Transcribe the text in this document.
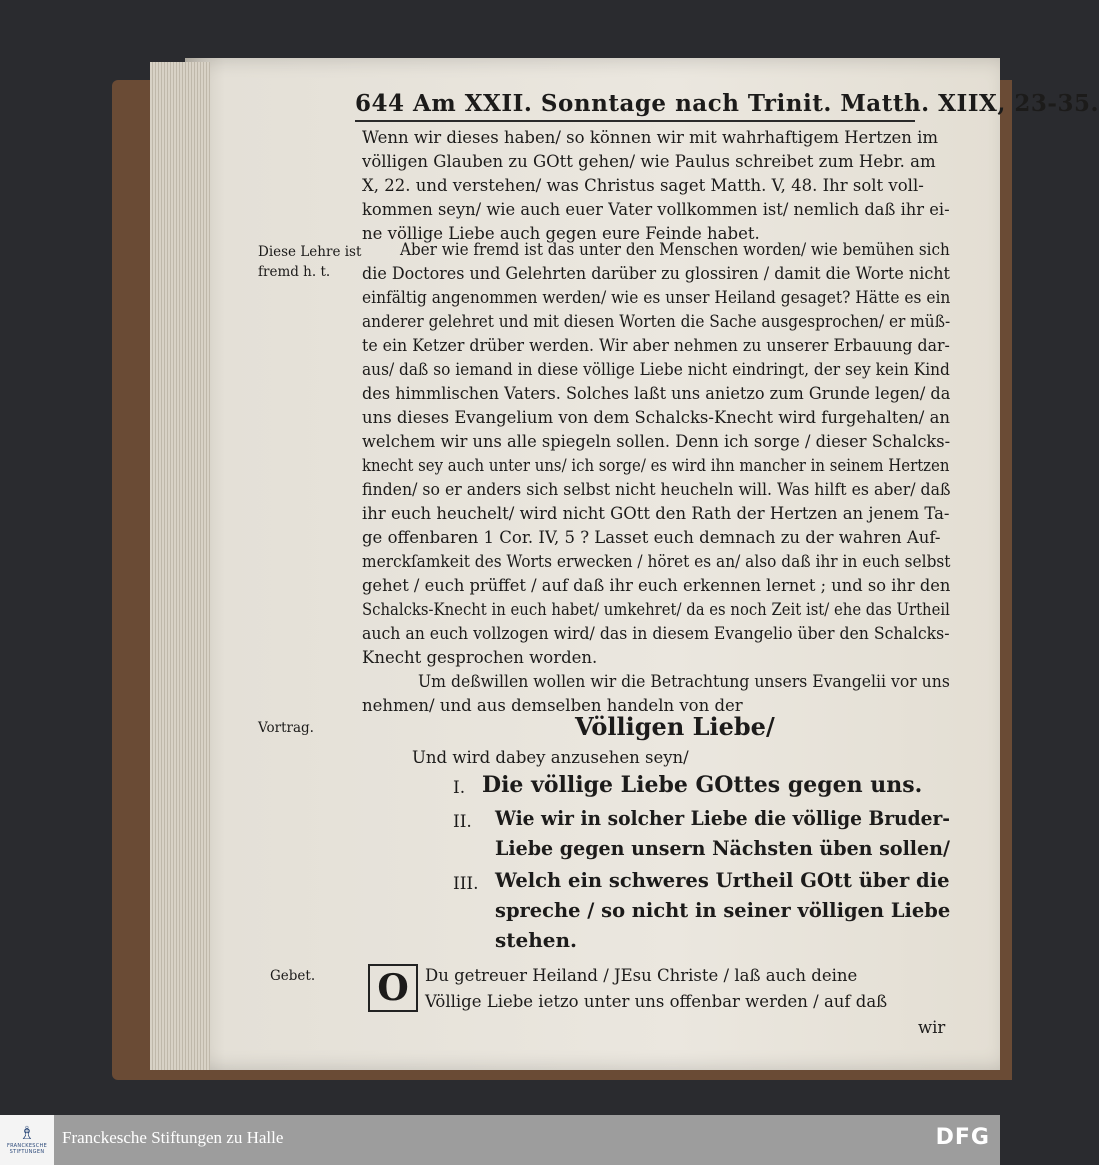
644 Am XXII. Sonntage nach Trinit. Matth. XIIX, 23-35.
Wenn wir dieses haben/ so können wir mit wahrhaftigem Hertzen im
völligen Glauben zu GOtt gehen/ wie Paulus schreibet zum Hebr. am
X, 22. und verstehen/ was Christus saget Matth. V, 48. Ihr solt voll-
kommen seyn/ wie auch euer Vater vollkommen ist/ nemlich daß ihr ei-
ne völlige Liebe auch gegen eure Feinde habet.
Diese Lehre ist
fremd h. t.
Aber wie fremd ist das unter den Menschen worden/ wie bemühen sich
die Doctores und Gelehrten darüber zu glossiren / damit die Worte nicht
einfältig angenommen werden/ wie es unser Heiland gesaget? Hätte es ein
anderer gelehret und mit diesen Worten die Sache ausgesprochen/ er müß-
te ein Ketzer drüber werden. Wir aber nehmen zu unserer Erbauung dar-
aus/ daß so iemand in diese völlige Liebe nicht eindringt, der sey kein Kind
des himmlischen Vaters. Solches laßt uns anietzo zum Grunde legen/ da
uns dieses Evangelium von dem Schalcks-Knecht wird furgehalten/ an
welchem wir uns alle spiegeln sollen. Denn ich sorge / dieser Schalcks-
knecht sey auch unter uns/ ich sorge/ es wird ihn mancher in seinem Hertzen
finden/ so er anders sich selbst nicht heucheln will. Was hilft es aber/ daß
ihr euch heuchelt/ wird nicht GOtt den Rath der Hertzen an jenem Ta-
ge offenbaren 1 Cor. IV, 5 ? Lasset euch demnach zu der wahren Auf-
merckſamkeit des Worts erwecken / höret es an/ also daß ihr in euch selbst
gehet / euch prüffet / auf daß ihr euch erkennen lernet ; und so ihr den
Schalcks-Knecht in euch habet/ umkehret/ da es noch Zeit ist/ ehe das Urtheil
auch an euch vollzogen wird/ das in diesem Evangelio über den Schalcks-
Knecht gesprochen worden.
Um deßwillen wollen wir die Betrachtung unsers Evangelii vor uns
nehmen/ und aus demselben handeln von der
Vortrag.	Völligen Liebe/
Und wird dabey anzusehen seyn/
I. Die völlige Liebe GOttes gegen uns.
II. Wie wir in solcher Liebe die völlige Bruder-
Liebe gegen unsern Nächsten üben sollen/
III. Welch ein schweres Urtheil GOtt über die
spreche / so nicht in seiner völligen Liebe
stehen.
Gebet. O Du getreuer Heiland / JEsu Christe / laß auch deine
Völlige Liebe ietzo unter uns offenbar werden / auf daß
wir
♗
FRANCKESCHE STIFTUNGEN
Franckesche Stiftungen zu Halle	DFG
